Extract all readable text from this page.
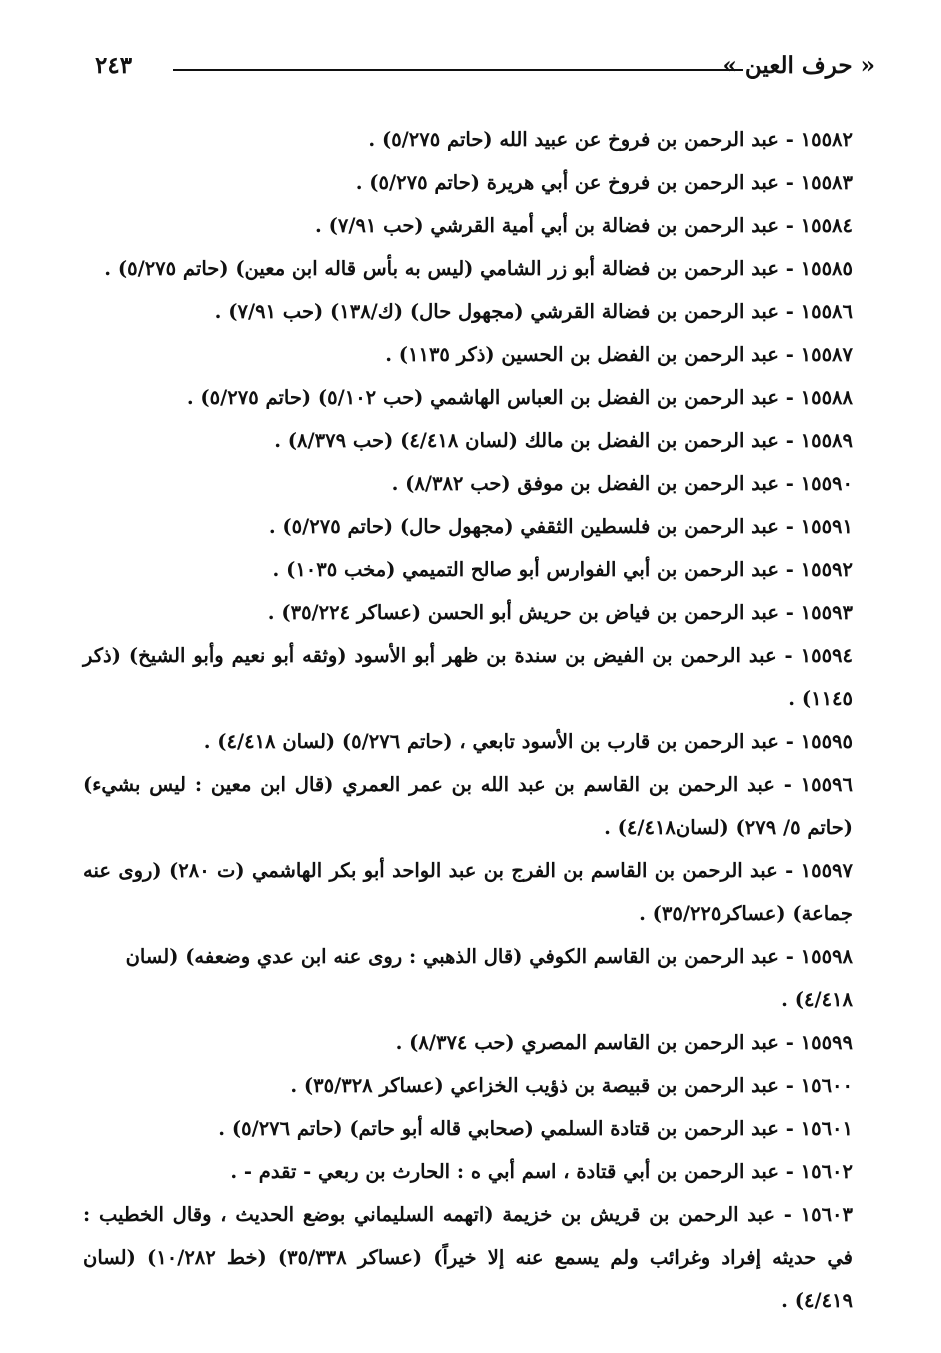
« حرف العين »
٢٤٣

١٥٥٨٢ - عبد الرحمن بن فروخ عن عبيد الله (حاتم ٥/٢٧٥) .

١٥٥٨٣ - عبد الرحمن بن فروخ عن أبي هريرة (حاتم ٥/٢٧٥) .

١٥٥٨٤ - عبد الرحمن بن فضالة بن أبي أمية القرشي (حب ٧/٩١) .

١٥٥٨٥ - عبد الرحمن بن فضالة أبو زر الشامي (ليس به بأس قاله ابن معين) (حاتم ٥/٢٧٥) .

١٥٥٨٦ - عبد الرحمن بن فضالة القرشي (مجهول حال) (ك/١٣٨) (حب ٧/٩١) .

١٥٥٨٧ - عبد الرحمن بن الفضل بن الحسين (ذكر ١١٣٥) .

١٥٥٨٨ - عبد الرحمن بن الفضل بن العباس الهاشمي (حب ٥/١٠٢) (حاتم ٥/٢٧٥) .

١٥٥٨٩ - عبد الرحمن بن الفضل بن مالك (لسان ٤/٤١٨) (حب ٨/٣٧٩) .

١٥٥٩٠ - عبد الرحمن بن الفضل بن موفق (حب ٨/٣٨٢) .

١٥٥٩١ - عبد الرحمن بن فلسطين الثقفي (مجهول حال) (حاتم ٥/٢٧٥) .

١٥٥٩٢ - عبد الرحمن بن أبي الفوارس أبو صالح التميمي (مخب ١٠٣٥) .

١٥٥٩٣ - عبد الرحمن بن فياض بن حريش أبو الحسن (عساكر ٣٥/٢٢٤) .

١٥٥٩٤ - عبد الرحمن بن الفيض بن سندة بن ظهر أبو الأسود (وثقه أبو نعيم وأبو الشيخ) (ذكر ١١٤٥) .

١٥٥٩٥ - عبد الرحمن بن قارب بن الأسود تابعي ، (حاتم ٥/٢٧٦) (لسان ٤/٤١٨) .

١٥٥٩٦ - عبد الرحمن بن القاسم بن عبد الله بن عمر العمري (قال ابن معين : ليس بشيء) (حاتم ٥/ ٢٧٩) (لسان٤/٤١٨) .

١٥٥٩٧ - عبد الرحمن بن القاسم بن الفرج بن عبد الواحد أبو بكر الهاشمي (ت ٢٨٠) (روى عنه جماعة) (عساكر٣٥/٢٢٥) .

١٥٥٩٨ - عبد الرحمن بن القاسم الكوفي (قال الذهبي : روى عنه ابن عدي وضعفه) (لسان ٤/٤١٨) .

١٥٥٩٩ - عبد الرحمن بن القاسم المصري (حب ٨/٣٧٤) .

١٥٦٠٠ - عبد الرحمن بن قبيصة بن ذؤيب الخزاعي (عساكر ٣٥/٣٢٨) .

١٥٦٠١ - عبد الرحمن بن قتادة السلمي (صحابي قاله أبو حاتم) (حاتم ٥/٢٧٦) .

١٥٦٠٢ - عبد الرحمن بن أبي قتادة ، اسم أبي ه : الحارث بن ربعي - تقدم - .

١٥٦٠٣ - عبد الرحمن بن قريش بن خزيمة (اتهمه السليماني بوضع الحديث ، وقال الخطيب : في حديثه إفراد وغرائب ولم يسمع عنه إلا خيراً) (عساكر ٣٥/٣٣٨) (خط ١٠/٢٨٢) (لسان ٤/٤١٩) .
